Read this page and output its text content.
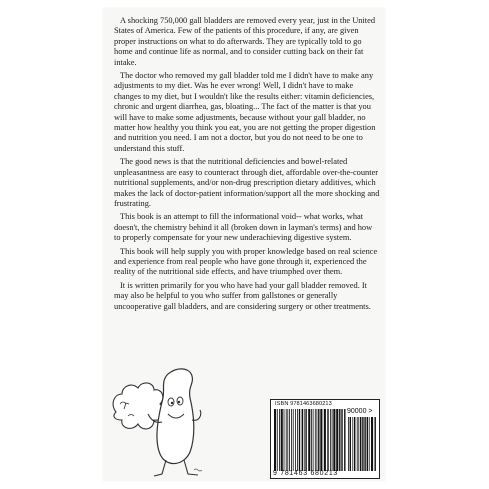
A shocking 750,000 gall bladders are removed every year, just in the United States of America. Few of the patients of this procedure, if any, are given proper instructions on what to do afterwards. They are typically told to go home and continue life as normal, and to consider cutting back on their fat intake.

The doctor who removed my gall bladder told me I didn't have to make any adjustments to my diet. Was he ever wrong! Well, I didn't have to make changes to my diet, but I wouldn't like the results either: vitamin deficiencies, chronic and urgent diarrhea, gas, bloating... The fact of the matter is that you will have to make some adjustments, because without your gall bladder, no matter how healthy you think you eat, you are not getting the proper digestion and nutrition you need. I am not a doctor, but you do not need to be one to understand this stuff.

The good news is that the nutritional deficiencies and bowel-related unpleasantness are easy to counteract through diet, affordable over-the-counter nutritional supplements, and/or non-drug prescription dietary additives, which makes the lack of doctor-patient information/support all the more shocking and frustrating.

This book is an attempt to fill the informational void-- what works, what doesn't, the chemistry behind it all (broken down in layman's terms) and how to properly compensate for your new underachieving digestive system.

This book will help supply you with proper knowledge based on real science and experience from real people who have gone through it, experienced the reality of the nutritional side effects, and have triumphed over them.

It is written primarily for you who have had your gall bladder removed. It may also be helpful to you who suffer from gallstones or generally uncooperative gall bladders, and are considering surgery or other treatments.

ISBN 9781463680213
90000 >
9 781463 680213
